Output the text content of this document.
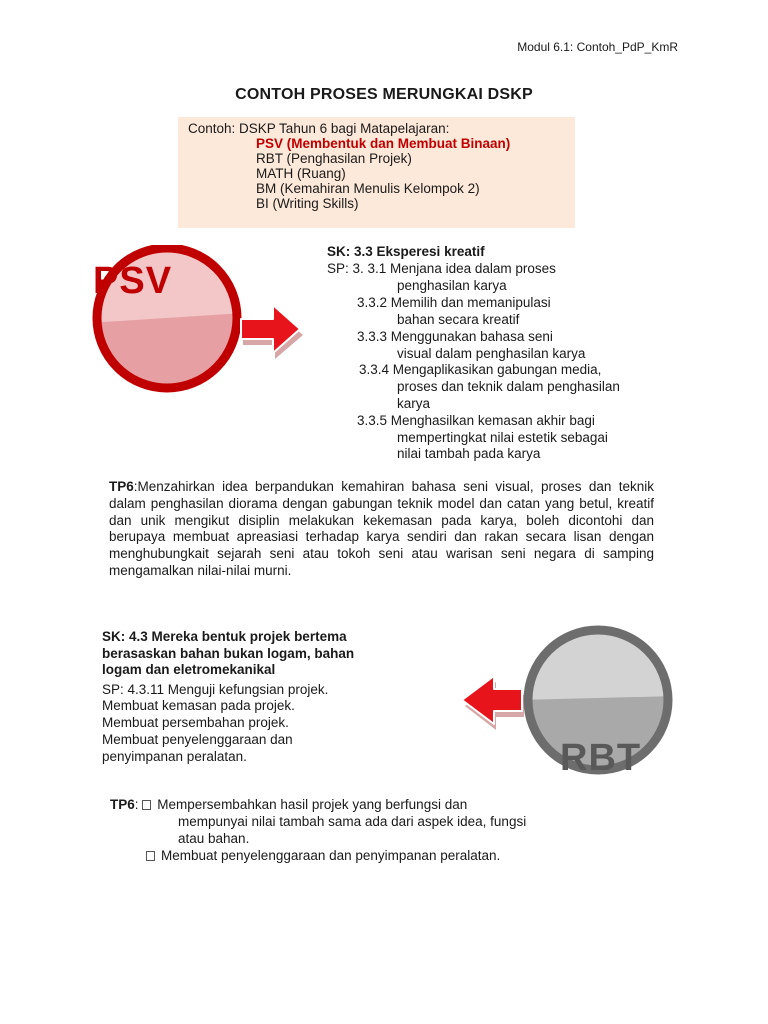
Modul 6.1: Contoh_PdP_KmR
CONTOH PROSES MERUNGKAI DSKP
Contoh: DSKP Tahun 6 bagi Matapelajaran:
PSV (Membentuk dan Membuat Binaan)
RBT (Penghasilan Projek)
MATH (Ruang)
BM (Kemahiran Menulis Kelompok 2)
BI (Writing Skills)
PSV
SK: 3.3 Eksperesi kreatif
SP: 3. 3.1 Menjana idea dalam proses
penghasilan karya
3.3.2 Memilih dan memanipulasi
bahan secara kreatif
3.3.3 Menggunakan bahasa seni
visual dalam penghasilan karya
3.3.4 Mengaplikasikan gabungan media,
proses dan teknik dalam penghasilan
karya
3.3.5 Menghasilkan kemasan akhir bagi
mempertingkat nilai estetik sebagai
nilai tambah pada karya
TP6:Menzahirkan idea berpandukan kemahiran bahasa seni visual, proses dan teknik dalam penghasilan diorama dengan gabungan teknik model dan catan yang betul, kreatif dan unik mengikut disiplin melakukan kekemasan pada karya, boleh dicontohi dan berupaya membuat apreasiasi terhadap karya sendiri dan rakan secara lisan dengan menghubungkait sejarah seni atau tokoh seni atau warisan seni negara di samping mengamalkan nilai-nilai murni.
SK: 4.3 Mereka bentuk projek bertema
berasaskan bahan bukan logam, bahan
logam dan eletromekanikal
SP: 4.3.11 Menguji kefungsian projek.
Membuat kemasan pada projek.
Membuat persembahan projek.
Membuat penyelenggaraan dan
penyimpanan peralatan.	RBT
TP6: Mempersembahkan hasil projek yang berfungsi dan
mempunyai nilai tambah sama ada dari aspek idea, fungsi
atau bahan.
Membuat penyelenggaraan dan penyimpanan peralatan.
